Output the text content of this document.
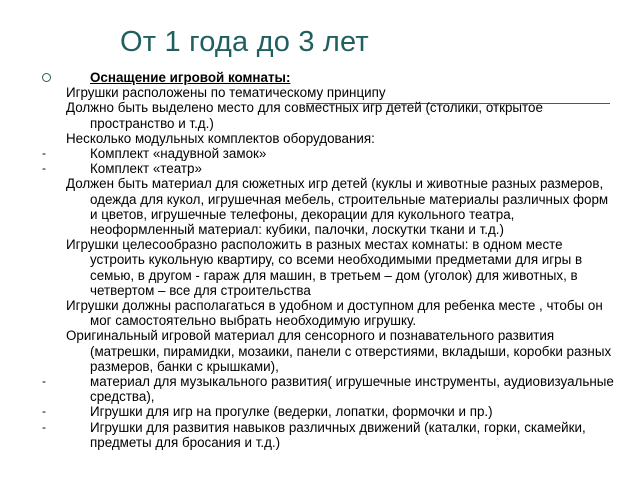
От 1 года до 3 лет
Оснащение игровой комнаты:
Игрушки расположены по тематическому принципу
Должно быть выделено место для совместных игр детей (столики, открытое пространство и т.д.)
Несколько модульных комплектов оборудования:
-	Комплект «надувной замок»
-	Комплект «театр»
Должен быть материал для сюжетных игр детей (куклы и животные разных размеров, одежда для кукол, игрушечная мебель, строительные материалы различных форм и цветов, игрушечные телефоны, декорации для кукольного театра, неоформленный материал: кубики, палочки, лоскутки ткани и т.д.)
Игрушки целесообразно расположить в разных местах комнаты: в одном месте устроить кукольную квартиру, со всеми необходимыми предметами для игры в семью, в другом - гараж для машин, в третьем – дом (уголок) для животных, в четвертом – все для строительства
Игрушки должны располагаться в удобном и доступном для ребенка месте , чтобы он мог самостоятельно выбрать необходимую игрушку.
Оригинальный игровой материал для сенсорного и познавательного развития (матрешки, пирамидки, мозаики, панели с отверстиями, вкладыши, коробки разных размеров, банки с крышками),
-	материал для музыкального развития( игрушечные инструменты, аудиовизуальные средства),
-	Игрушки для игр на прогулке (ведерки, лопатки, формочки и пр.)
-	Игрушки для развития навыков различных движений (каталки, горки, скамейки, предметы для бросания и т.д.)
